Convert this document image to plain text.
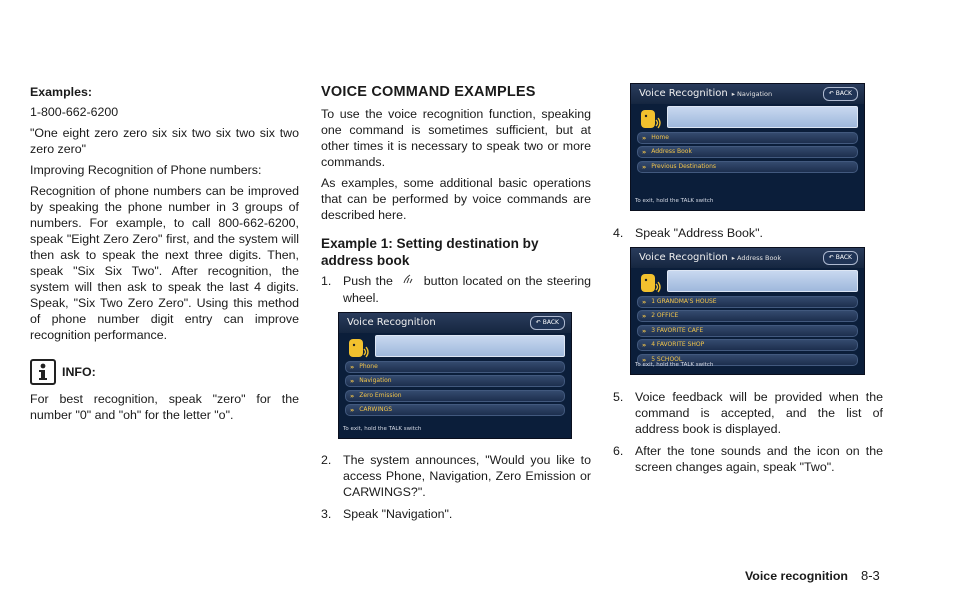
Examples:

1-800-662-6200

"One eight zero zero six six two six two six two zero zero"

Improving Recognition of Phone numbers:

Recognition of phone numbers can be improved by speaking the phone number in 3 groups of numbers. For example, to call 800-662-6200, speak "Eight Zero Zero" first, and the system will then ask to speak the next three digits. Then, speak "Six Six Two". After recognition, the system will then ask to speak the last 4 digits. Speak, "Six Two Zero Zero". Using this method of phone number digit entry can improve recognition performance.

INFO:

For best recognition, speak "zero" for the number "0" and "oh" for the letter "o".

VOICE COMMAND EXAMPLES

To use the voice recognition function, speaking one command is sometimes sufficient, but at other times it is necessary to speak two or more commands.

As examples, some additional basic operations that can be performed by voice commands are described here.

Example 1: Setting destination by address book
1. Push the button located on the steering wheel.
Voice Recognition	↶ BACK
» Phone
» Navigation
» Zero Emission
» CARWINGS
To exit, hold the TALK switch
2. The system announces, "Would you like to access Phone, Navigation, Zero Emission or CARWINGS?".
3. Speak "Navigation".
Voice Recognition ▸ Navigation	↶ BACK
» Home
» Address Book
» Previous Destinations
To exit, hold the TALK switch
4. Speak "Address Book".
Voice Recognition ▸ Address Book	↶ BACK
» 1 GRANDMA'S HOUSE
» 2 OFFICE
» 3 FAVORITE CAFE
» 4 FAVORITE SHOP
» 5 SCHOOL
To exit, hold the TALK switch
5. Voice feedback will be provided when the command is accepted, and the list of address book is displayed.
6. After the tone sounds and the icon on the screen changes again, speak "Two".
Voice recognition 8-3
